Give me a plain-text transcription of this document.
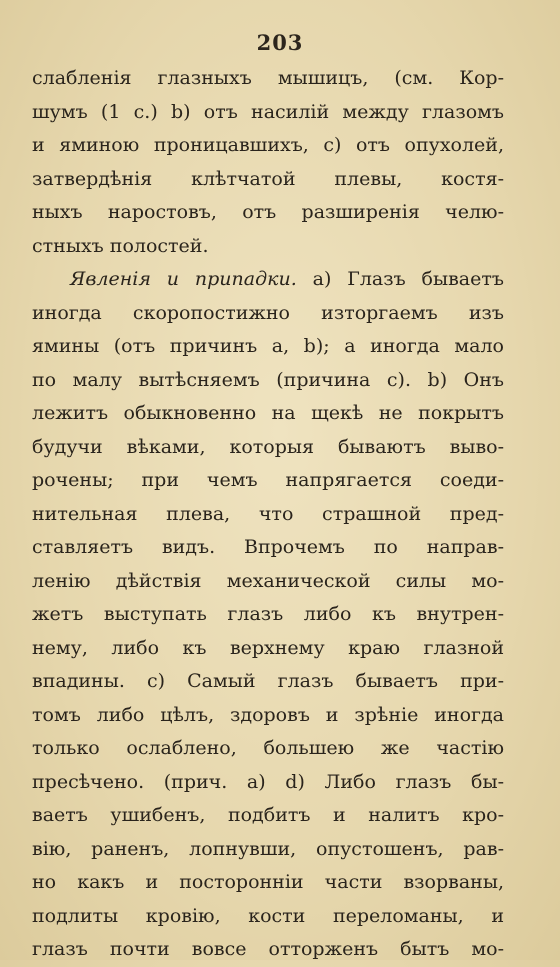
203
слабленія глазныхъ мышицъ, (см. Кор-
шумъ (1 с.) b) отъ насилій между глазомъ
и яминою проницавшихъ, с) отъ опухолей,
затвердѣнія клѣтчатой плевы, костя-
ныхъ наростовъ, отъ разширенія челю-
стныхъ полостей.
Явленія и припадки. а) Глазъ бываетъ
иногда скоропостижно изторгаемъ изъ
ямины (отъ причинъ а, b); а иногда мало
по малу вытѣсняемъ (причина с). b) Онъ
лежитъ обыкновенно на щекѣ не покрытъ
будучи вѣками, которыя бываютъ выво-
рочены; при чемъ напрягается соеди-
нительная плева, что страшной пред-
ставляетъ видъ. Впрочемъ по направ-
ленію дѣйствія механической силы мо-
жетъ выступать глазъ либо къ внутрен-
нему, либо къ верхнему краю глазной
впадины. с) Самый глазъ бываетъ при-
томъ либо цѣлъ, здоровъ и зрѣніе иногда
только ослаблено, большею же частію
пресѣчено. (прич. а) d) Либо глазъ бы-
ваетъ ушибенъ, подбитъ и налитъ кро-
вію, раненъ, лопнувши, опустошенъ, рав-
но какъ и посторонніи части взорваны,
подлиты кровію, кости переломаны, и
глазъ почти вовсе отторженъ бытъ мо-
